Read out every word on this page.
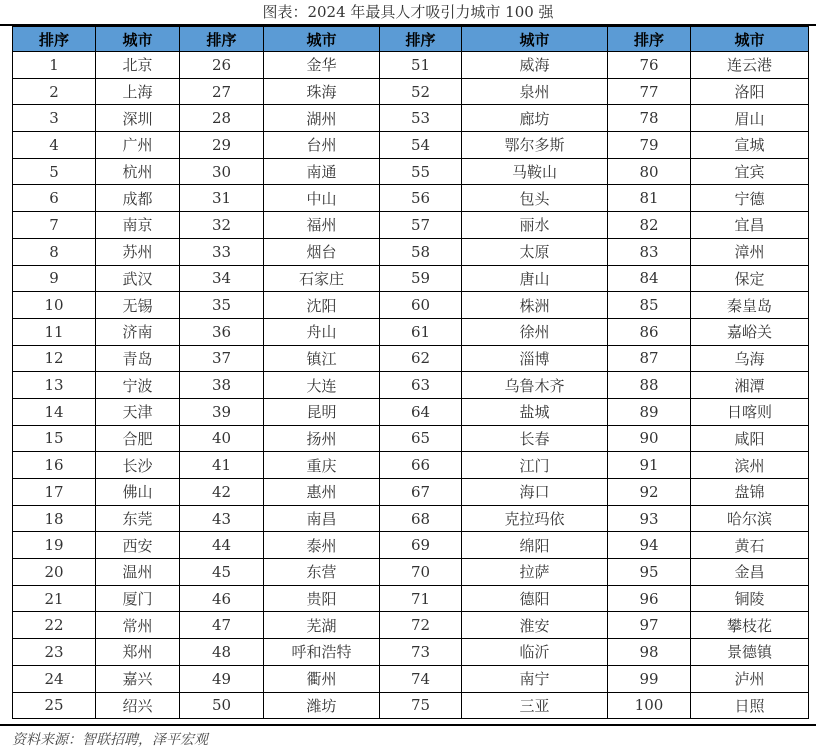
图表：2024 年最具人才吸引力城市 100 强
排序	城市	排序	城市	排序	城市	排序	城市
1	北京	26	金华	51	威海	76	连云港
2	上海	27	珠海	52	泉州	77	洛阳
3	深圳	28	湖州	53	廊坊	78	眉山
4	广州	29	台州	54	鄂尔多斯	79	宣城
5	杭州	30	南通	55	马鞍山	80	宜宾
6	成都	31	中山	56	包头	81	宁德
7	南京	32	福州	57	丽水	82	宜昌
8	苏州	33	烟台	58	太原	83	漳州
9	武汉	34	石家庄	59	唐山	84	保定
10	无锡	35	沈阳	60	株洲	85	秦皇岛
11	济南	36	舟山	61	徐州	86	嘉峪关
12	青岛	37	镇江	62	淄博	87	乌海
13	宁波	38	大连	63	乌鲁木齐	88	湘潭
14	天津	39	昆明	64	盐城	89	日喀则
15	合肥	40	扬州	65	长春	90	咸阳
16	长沙	41	重庆	66	江门	91	滨州
17	佛山	42	惠州	67	海口	92	盘锦
18	东莞	43	南昌	68	克拉玛依	93	哈尔滨
19	西安	44	泰州	69	绵阳	94	黄石
20	温州	45	东营	70	拉萨	95	金昌
21	厦门	46	贵阳	71	德阳	96	铜陵
22	常州	47	芜湖	72	淮安	97	攀枝花
23	郑州	48	呼和浩特	73	临沂	98	景德镇
24	嘉兴	49	衢州	74	南宁	99	泸州
25	绍兴	50	潍坊	75	三亚	100	日照
资料来源：智联招聘，泽平宏观
